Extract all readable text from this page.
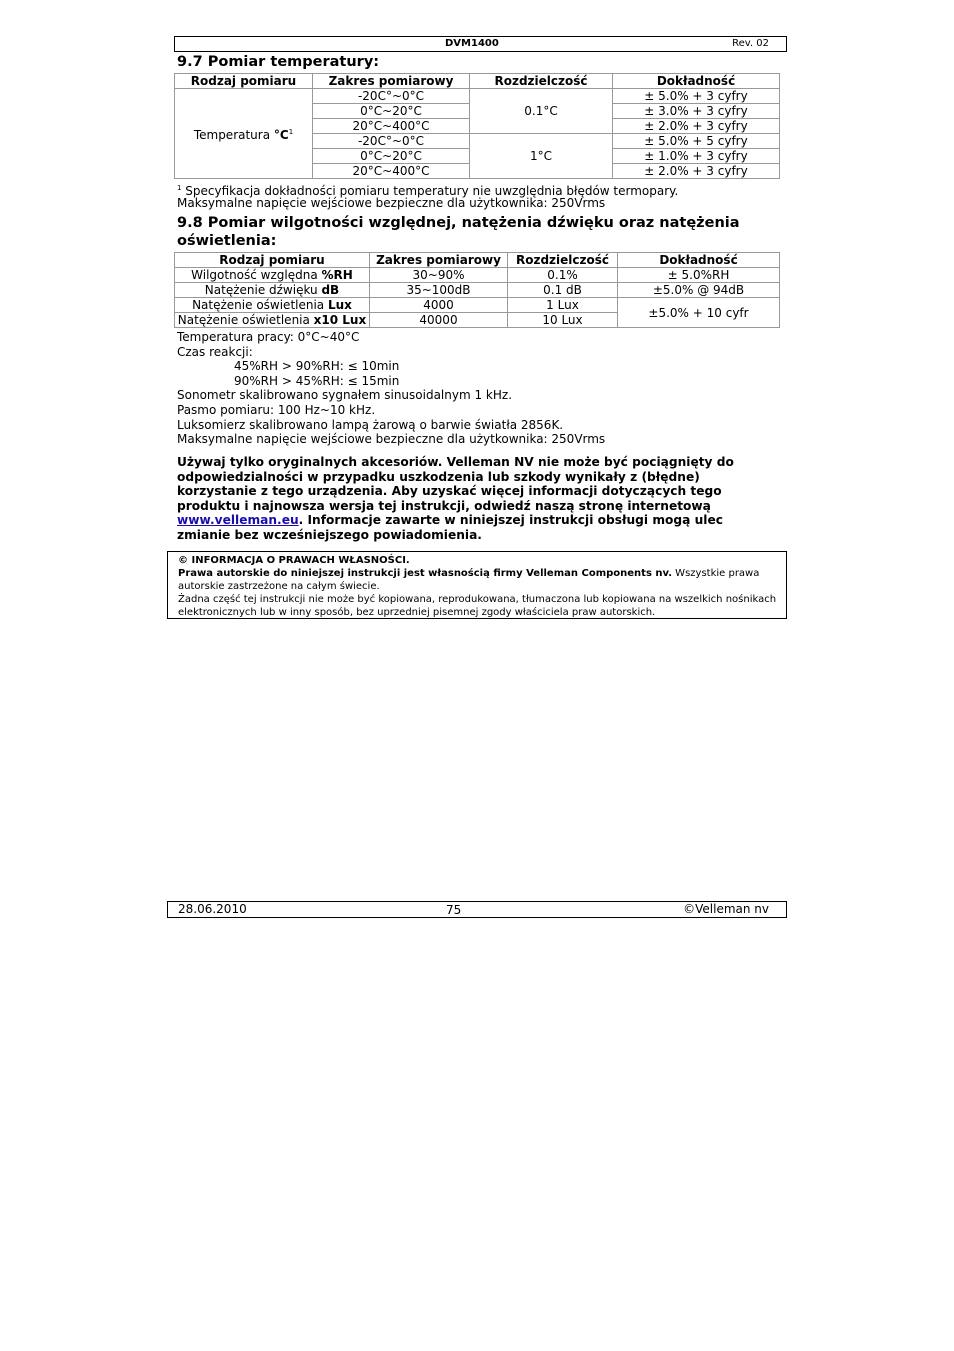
DVM1400	Rev. 02
9.7 Pomiar temperatury:
Rodzaj pomiaru	Zakres pomiarowy	Rozdzielczość	Dokładność
Temperatura $^\circ C^1$	-20C°~0°C	0.1°C	± 5.0% + 3 cyfry
	0°C~20°C		± 3.0% + 3 cyfry
	20°C~400°C		± 2.0% + 3 cyfry
	-20C°~0°C	1°C	± 5.0% + 5 cyfry
	0°C~20°C		± 1.0% + 3 cyfry
	20°C~400°C		± 2.0% + 3 cyfry

$^1$ Specyfikacja dokładności pomiaru temperatury nie uwzględnia błędów termopary.

Maksymalne napięcie wejściowe bezpieczne dla użytkownika: 250Vrms

9.8 Pomiar wilgotności względnej, natężenia dźwięku oraz natężenia
oświetlenia:
Rodzaj pomiaru	Zakres pomiarowy	Rozdzielczość	Dokładność
Wilgotność względna %RH	30~90%	0.1%	± 5.0%RH
Natężenie dźwięku dB	35~100dB	0.1 dB	±5.0% @ 94dB
Natężenie oświetlenia Lux	4000	1 Lux	±5.0% + 10 cyfr
Natężenie oświetlenia x10 Lux	40000	10 Lux	

Temperatura pracy: 0°C~40°C

Czas reakcji:

45%RH > 90%RH: ≤ 10min

90%RH > 45%RH: ≤ 15min

Sonometr skalibrowano sygnałem sinusoidalnym 1 kHz.

Pasmo pomiaru: 100 Hz~10 kHz.

Luksomierz skalibrowano lampą żarową o barwie światła 2856K.

Maksymalne napięcie wejściowe bezpieczne dla użytkownika: 250Vrms

Używaj tylko oryginalnych akcesoriów. Velleman NV nie może być pociągnięty do odpowiedzialności w przypadku uszkodzenia lub szkody wynikały z (błędne) korzystanie z tego urządzenia. Aby uzyskać więcej informacji dotyczących tego produktu i najnowsza wersja tej instrukcji, odwiedź naszą stronę internetową www.velleman.eu. Informacje zawarte w niniejszej instrukcji obsługi mogą ulec zmianie bez wcześniejszego powiadomienia.

© INFORMACJA O PRAWACH WŁASNOŚCI.
Prawa autorskie do niniejszej instrukcji jest własnością firmy Velleman Components nv. Wszystkie prawa autorskie zastrzeżone na całym świecie.
Żadna część tej instrukcji nie może być kopiowana, reprodukowana, tłumaczona lub kopiowana na wszelkich nośnikach elektronicznych lub w inny sposób, bez uprzedniej pisemnej zgody właściciela praw autorskich.
28.06.2010	75	©Velleman nv
